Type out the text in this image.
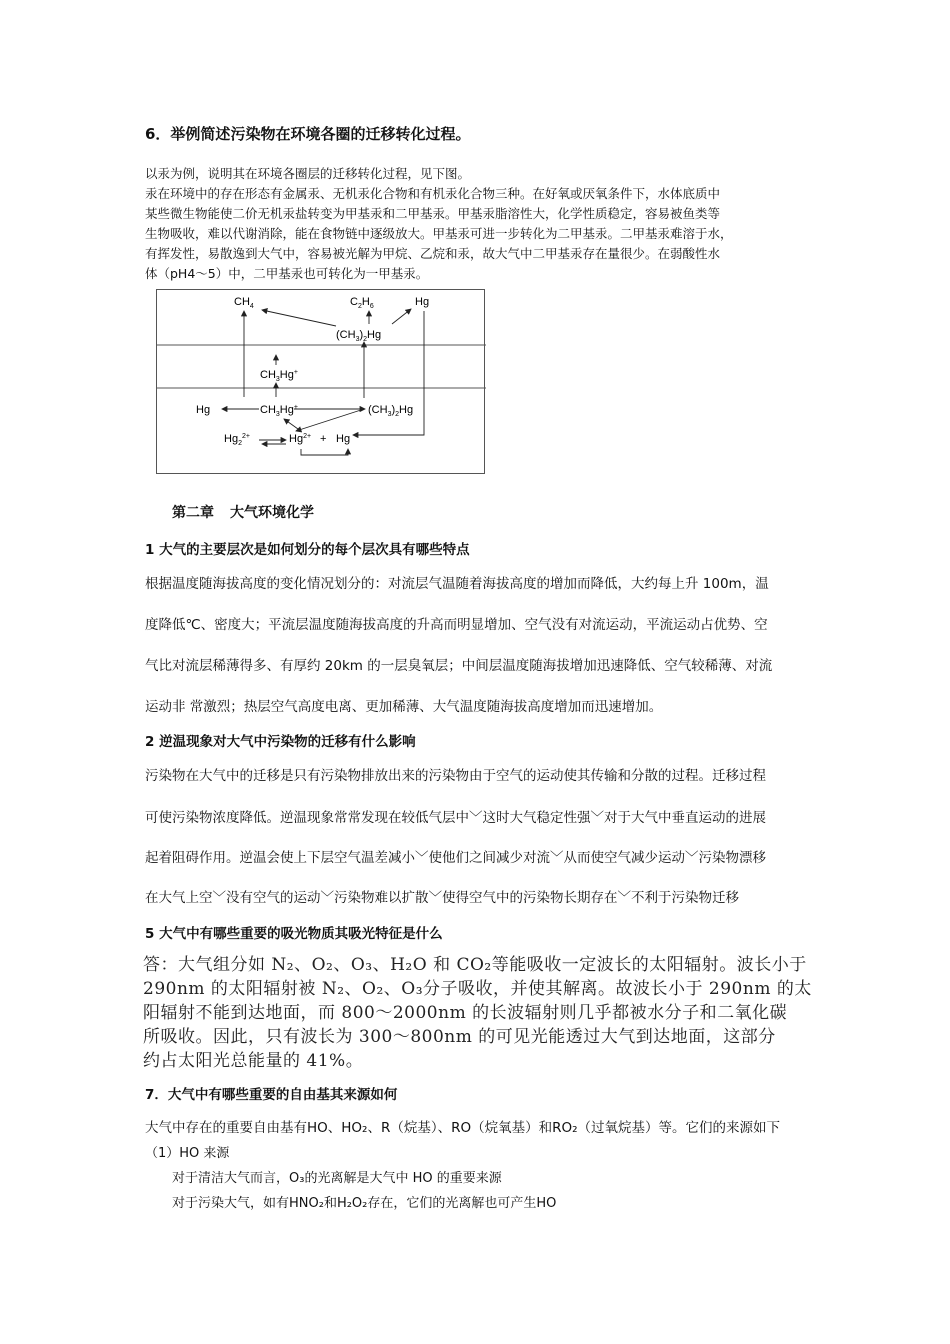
6．举例简述污染物在环境各圈的迁移转化过程。
以汞为例，说明其在环境各圈层的迁移转化过程，见下图。
汞在环境中的存在形态有金属汞、无机汞化合物和有机汞化合物三种。在好氧或厌氧条件下，水体底质中
某些微生物能使二价无机汞盐转变为甲基汞和二甲基汞。甲基汞脂溶性大，化学性质稳定，容易被鱼类等
生物吸收，难以代谢消除，能在食物链中逐级放大。甲基汞可进一步转化为二甲基汞。二甲基汞难溶于水，
有挥发性，易散逸到大气中，容易被光解为甲烷、乙烷和汞，故大气中二甲基汞存在量很少。在弱酸性水
体（pH4～5）中，二甲基汞也可转化为一甲基汞。
$CH_4$	$C_2H_6$	Hg
$(CH_3)_2Hg$
$CH_3Hg^+$
Hg	$CH_3Hg^+$	$(CH_3)_2Hg$
$Hg_2^{2+}$	$Hg^{2+} + Hg$
第二章 大气环境化学
1 大气的主要层次是如何划分的每个层次具有哪些特点
根据温度随海拔高度的变化情况划分的：对流层气温随着海拔高度的增加而降低，大约每上升 100m，温
度降低℃、密度大；平流层温度随海拔高度的升高而明显增加、空气没有对流运动，平流运动占优势、空
气比对流层稀薄得多、有厚约 20km 的一层臭氧层；中间层温度随海拔增加迅速降低、空气较稀薄、对流
运动非 常激烈；热层空气高度电离、更加稀薄、大气温度随海拔高度增加而迅速增加。
2 逆温现象对大气中污染物的迁移有什么影响
污染物在大气中的迁移是只有污染物排放出来的污染物由于空气的运动使其传输和分散的过程。迁移过程
可使污染物浓度降低。逆温现象常常发现在较低气层中﹀这时大气稳定性强﹀对于大气中垂直运动的进展
起着阻碍作用。逆温会使上下层空气温差减小﹀使他们之间减少对流﹀从而使空气减少运动﹀污染物漂移
在大气上空﹀没有空气的运动﹀污染物难以扩散﹀使得空气中的污染物长期存在﹀不利于污染物迁移
5 大气中有哪些重要的吸光物质其吸光特征是什么
答：大气组分如 N₂、O₂、O₃、H₂O 和 CO₂等能吸收一定波长的太阳辐射。波长小于
290nm 的太阳辐射被 N₂、O₂、O₃分子吸收，并使其解离。故波长小于 290nm 的太
阳辐射不能到达地面，而 800～2000nm 的长波辐射则几乎都被水分子和二氧化碳
所吸收。因此，只有波长为 300～800nm 的可见光能透过大气到达地面，这部分
约占太阳光总能量的 41%。
7．大气中有哪些重要的自由基其来源如何
大气中存在的重要自由基有HO、HO₂、R（烷基）、RO（烷氧基）和RO₂（过氧烷基）等。它们的来源如下
（1）HO 来源
对于清洁大气而言，O₃的光离解是大气中 HO 的重要来源
对于污染大气，如有HNO₂和H₂O₂存在，它们的光离解也可产生HO
